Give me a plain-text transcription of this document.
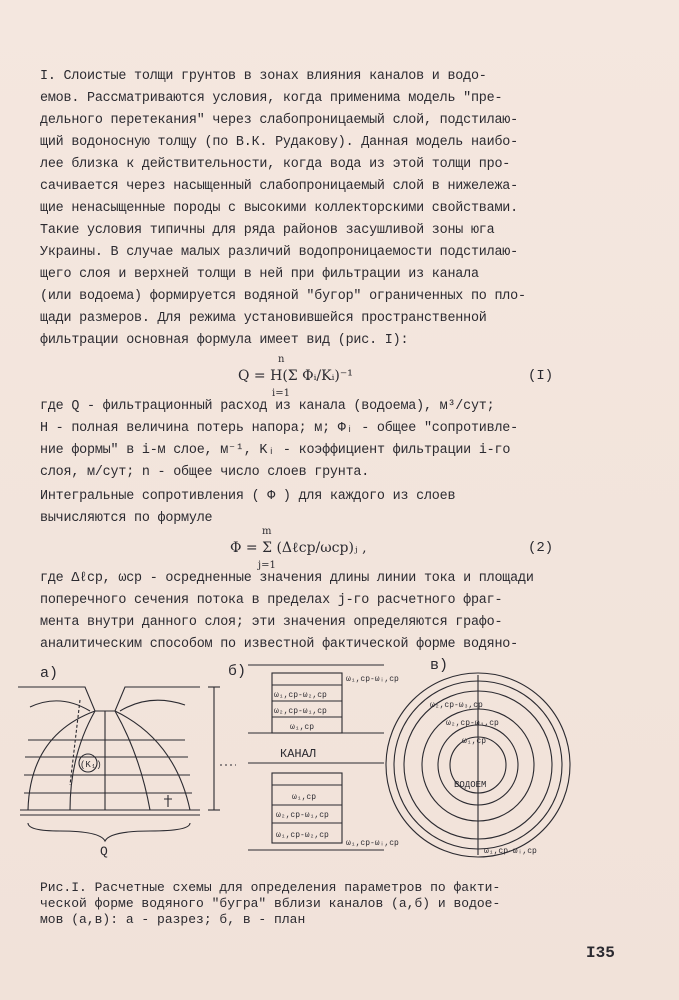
I. Слоистые толщи грунтов в зонах влияния каналов и водо-
емов. Рассматриваются условия, когда применима модель "пре-
дельного перетекания" через слабопроницаемый слой, подстилаю-
щий водоносную толщу (по В.К. Рудакову). Данная модель наибо-
лее близка к действительности, когда вода из этой толщи про-
сачивается через насыщенный слабопроницаемый слой в нижележа-
щие ненасыщенные породы с высокими коллекторскими свойствами.
Такие условия типичны для ряда районов засушливой зоны юга
Украины. В случае малых различий водопроницаемости подстилаю-
щего слоя и верхней толщи в ней при фильтрации из канала
(или водоема) формируется водяной "бугор" ограниченных по пло-
щади размеров. Для режима установившейся пространственной
фильтрации основная формула имеет вид (рис. I):
Q = H(Σ Φᵢ/Kᵢ)⁻¹
n
i=1
(I)
где Q - фильтрационный расход из канала (водоема), м³/сут;
H - полная величина потерь напора; м; Φᵢ - общее "сопротивле-
ние формы" в i-м слое, м⁻¹, Kᵢ - коэффициент фильтрации i-го
слоя, м/сут; n - общее число слоев грунта.
Интегральные сопротивления ( Φ ) для каждого из слоев
вычисляются по формуле
Φ = Σ (Δℓcp/ωcp)ⱼ ,
m
j=1
(2)
где Δℓcp, ωcp - осредненные значения длины линии тока и площади
поперечного сечения потока в пределах j-го расчетного фраг-
мента внутри данного слоя; эти значения определяются графо-
аналитическим способом по известной фактической форме водяно-
а)
Q
(K₁)
б)
КАНАЛ
ω₁,cp-ω₂,cp
ω₂,cp-ω₁,cp
ω₁,cp
ω₁,cp-ωᵢ,cp
ω₁,cp
ω₂,cp-ω₁,cp
ω₁,cp-ω₂,cp
ω₁,cp-ωᵢ,cp
в)
ВОДОЕМ
ω₂,cp-ω₃,cp
ω₂,cp-ω₁,cp
ω₁,cp
ω₁,cp-ωᵢ,cp
Рис.I. Расчетные схемы для определения параметров по факти-
ческой форме водяного "бугра" вблизи каналов (а,б) и водое-
мов (а,в): а - разрез; б, в - план
I35
